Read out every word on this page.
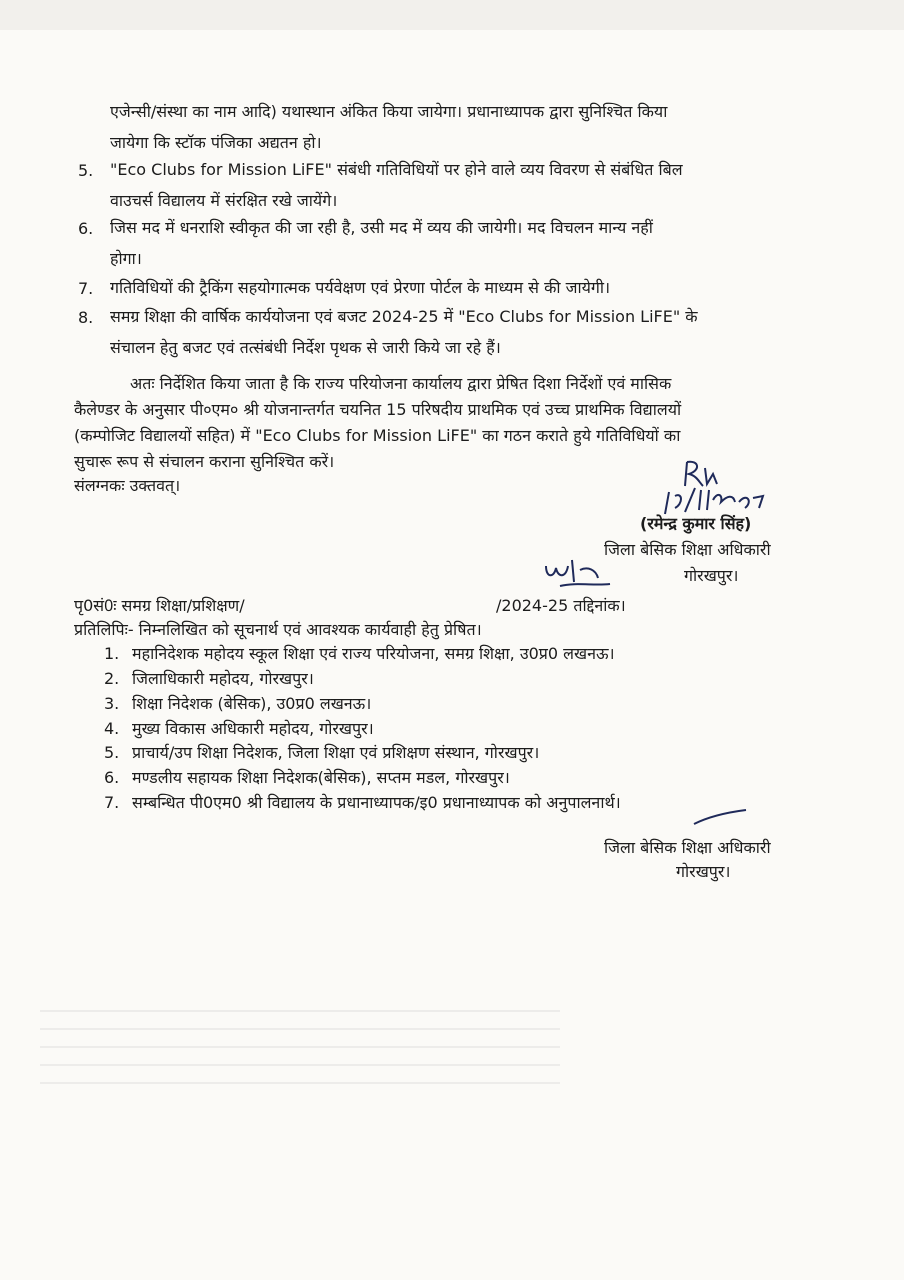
एजेन्सी/संस्था का नाम आदि) यथास्थान अंकित किया जायेगा। प्रधानाध्यापक द्वारा सुनिश्चित किया
जायेगा कि स्टॉक पंजिका अद्यतन हो।
5. "Eco Clubs for Mission LiFE" संबंधी गतिविधियों पर होने वाले व्यय विवरण से संबंधित बिल
वाउचर्स विद्यालय में संरक्षित रखे जायेंगे।
6. जिस मद में धनराशि स्वीकृत की जा रही है, उसी मद में व्यय की जायेगी। मद विचलन मान्य नहीं
होगा।
7. गतिविधियों की ट्रैकिंग सहयोगात्मक पर्यवेक्षण एवं प्रेरणा पोर्टल के माध्यम से की जायेगी।
8. समग्र शिक्षा की वार्षिक कार्ययोजना एवं बजट 2024-25 में "Eco Clubs for Mission LiFE" के
संचालन हेतु बजट एवं तत्संबंधी निर्देश पृथक से जारी किये जा रहे हैं।
अतः निर्देशित किया जाता है कि राज्य परियोजना कार्यालय द्वारा प्रेषित दिशा निर्देशों एवं मासिक
कैलेण्डर के अनुसार पी०एम० श्री योजनान्तर्गत चयनित 15 परिषदीय प्राथमिक एवं उच्च प्राथमिक विद्यालयों
(कम्पोजिट विद्यालयों सहित) में "Eco Clubs for Mission LiFE" का गठन कराते हुये गतिविधियों का
सुचारू रूप से संचालन कराना सुनिश्चित करें।
संलग्नकः उक्तवत्।
(रमेन्द्र कुमार सिंह)
जिला बेसिक शिक्षा अधिकारी
गोरखपुर।
पृ0सं0ः समग्र शिक्षा/प्रशिक्षण/	/2024-25 तद्दिनांक।
प्रतिलिपिः- निम्नलिखित को सूचनार्थ एवं आवश्यक कार्यवाही हेतु प्रेषित।
1. महानिदेशक महोदय स्कूल शिक्षा एवं राज्य परियोजना, समग्र शिक्षा, उ0प्र0 लखनऊ।
2. जिलाधिकारी महोदय, गोरखपुर।
3. शिक्षा निदेशक (बेसिक), उ0प्र0 लखनऊ।
4. मुख्य विकास अधिकारी महोदय, गोरखपुर।
5. प्राचार्य/उप शिक्षा निदेशक, जिला शिक्षा एवं प्रशिक्षण संस्थान, गोरखपुर।
6. मण्डलीय सहायक शिक्षा निदेशक(बेसिक), सप्तम मडल, गोरखपुर।
7. सम्बन्धित पी0एम0 श्री विद्यालय के प्रधानाध्यापक/इ0 प्रधानाध्यापक को अनुपालनार्थ।
जिला बेसिक शिक्षा अधिकारी
गोरखपुर।
